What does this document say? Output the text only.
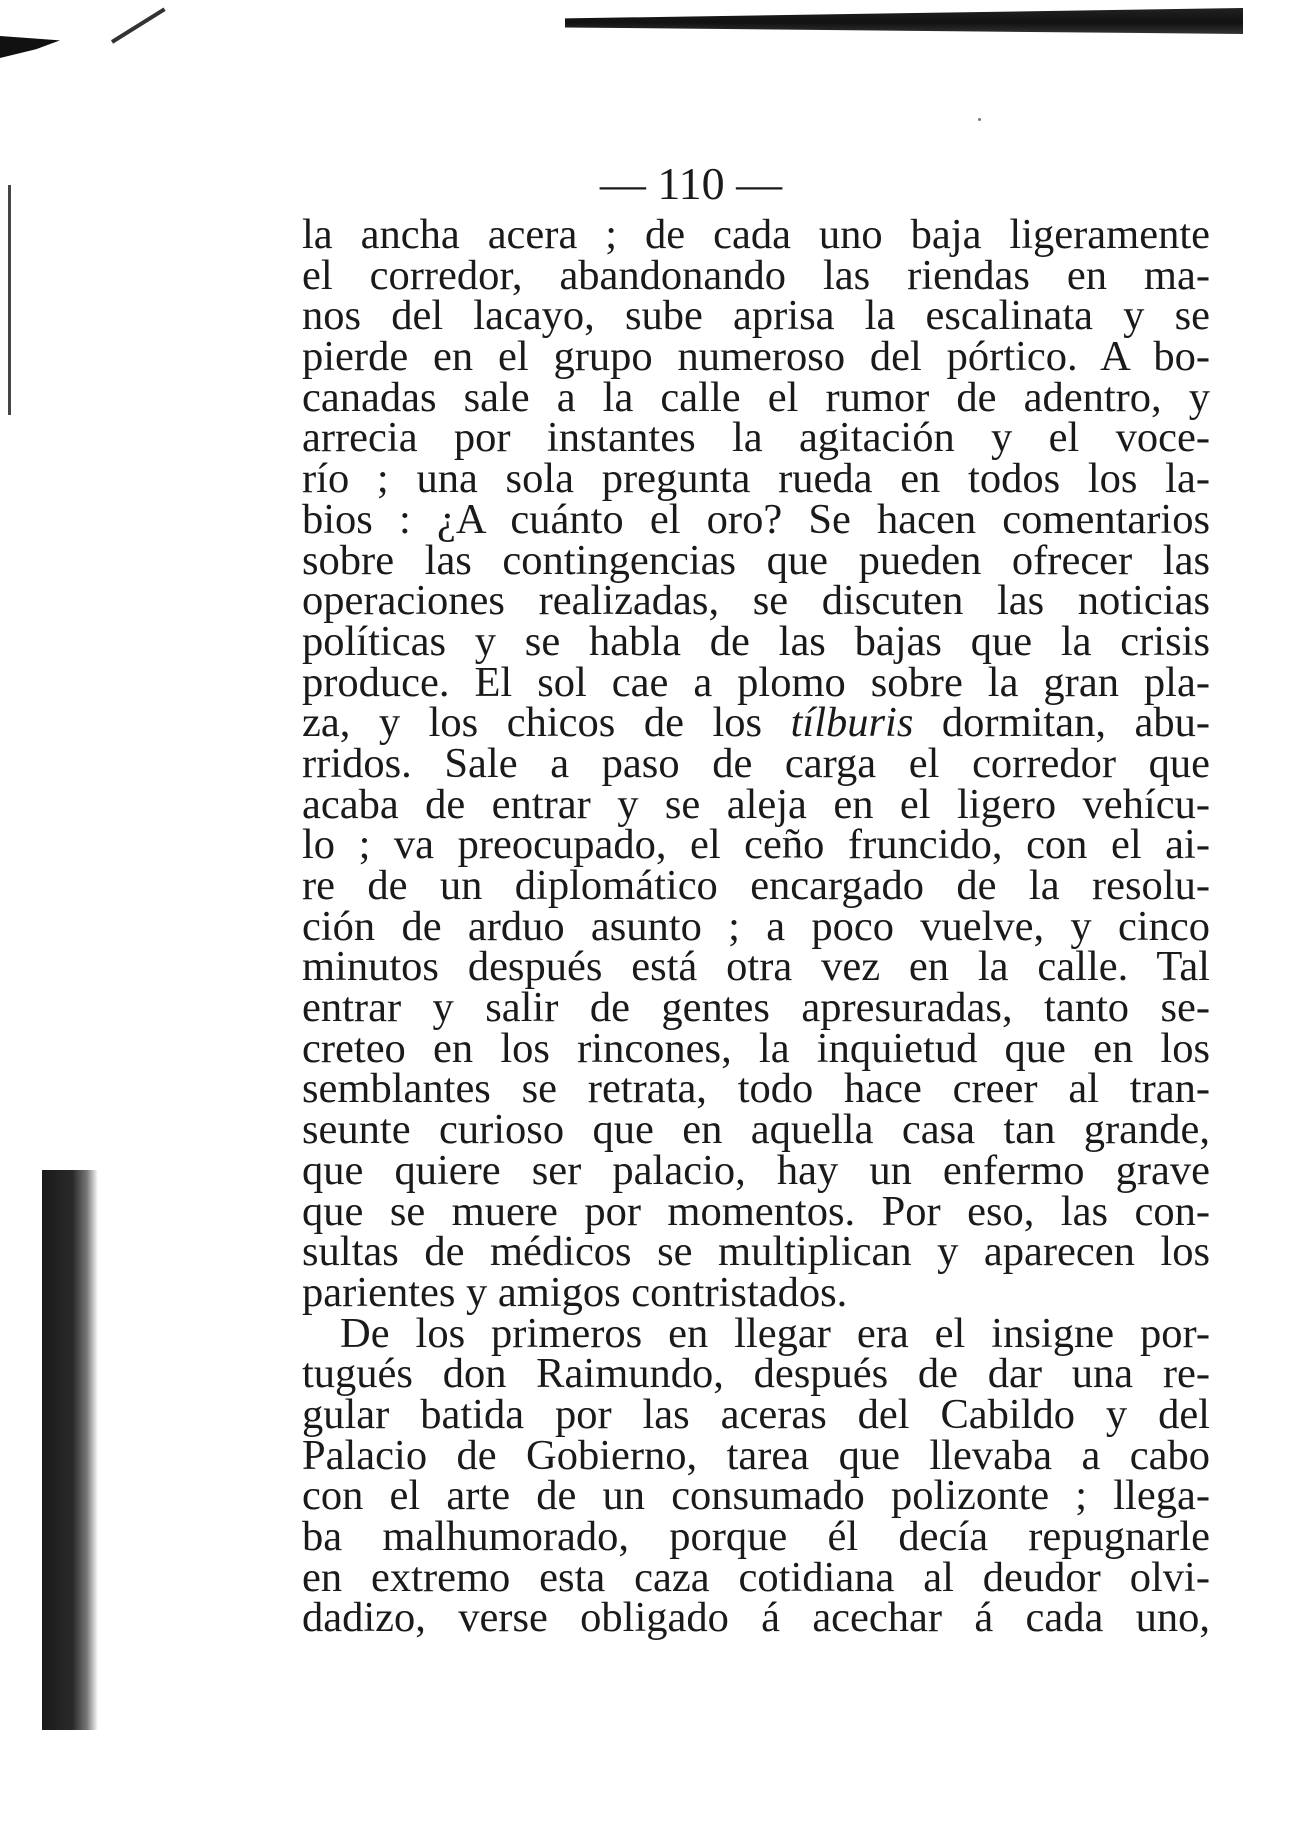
— 110 —
la ancha acera ; de cada uno baja ligeramente
el corredor, abandonando las riendas en ma-
nos del lacayo, sube aprisa la escalinata y se
pierde en el grupo numeroso del pórtico. A bo-
canadas sale a la calle el rumor de adentro, y
arrecia por instantes la agitación y el voce-
río ; una sola pregunta rueda en todos los la-
bios : ¿A cuánto el oro? Se hacen comentarios
sobre las contingencias que pueden ofrecer las
operaciones realizadas, se discuten las noticias
políticas y se habla de las bajas que la crisis
produce. El sol cae a plomo sobre la gran pla-
za, y los chicos de los tílburis dormitan, abu-
rridos. Sale a paso de carga el corredor que
acaba de entrar y se aleja en el ligero vehícu-
lo ; va preocupado, el ceño fruncido, con el ai-
re de un diplomático encargado de la resolu-
ción de arduo asunto ; a poco vuelve, y cinco
minutos después está otra vez en la calle. Tal
entrar y salir de gentes apresuradas, tanto se-
creteo en los rincones, la inquietud que en los
semblantes se retrata, todo hace creer al tran-
seunte curioso que en aquella casa tan grande,
que quiere ser palacio, hay un enfermo grave
que se muere por momentos. Por eso, las con-
sultas de médicos se multiplican y aparecen los
parientes y amigos contristados.
De los primeros en llegar era el insigne por-
tugués don Raimundo, después de dar una re-
gular batida por las aceras del Cabildo y del
Palacio de Gobierno, tarea que llevaba a cabo
con el arte de un consumado polizonte ; llega-
ba malhumorado, porque él decía repugnarle
en extremo esta caza cotidiana al deudor olvi-
dadizo, verse obligado á acechar á cada uno,
